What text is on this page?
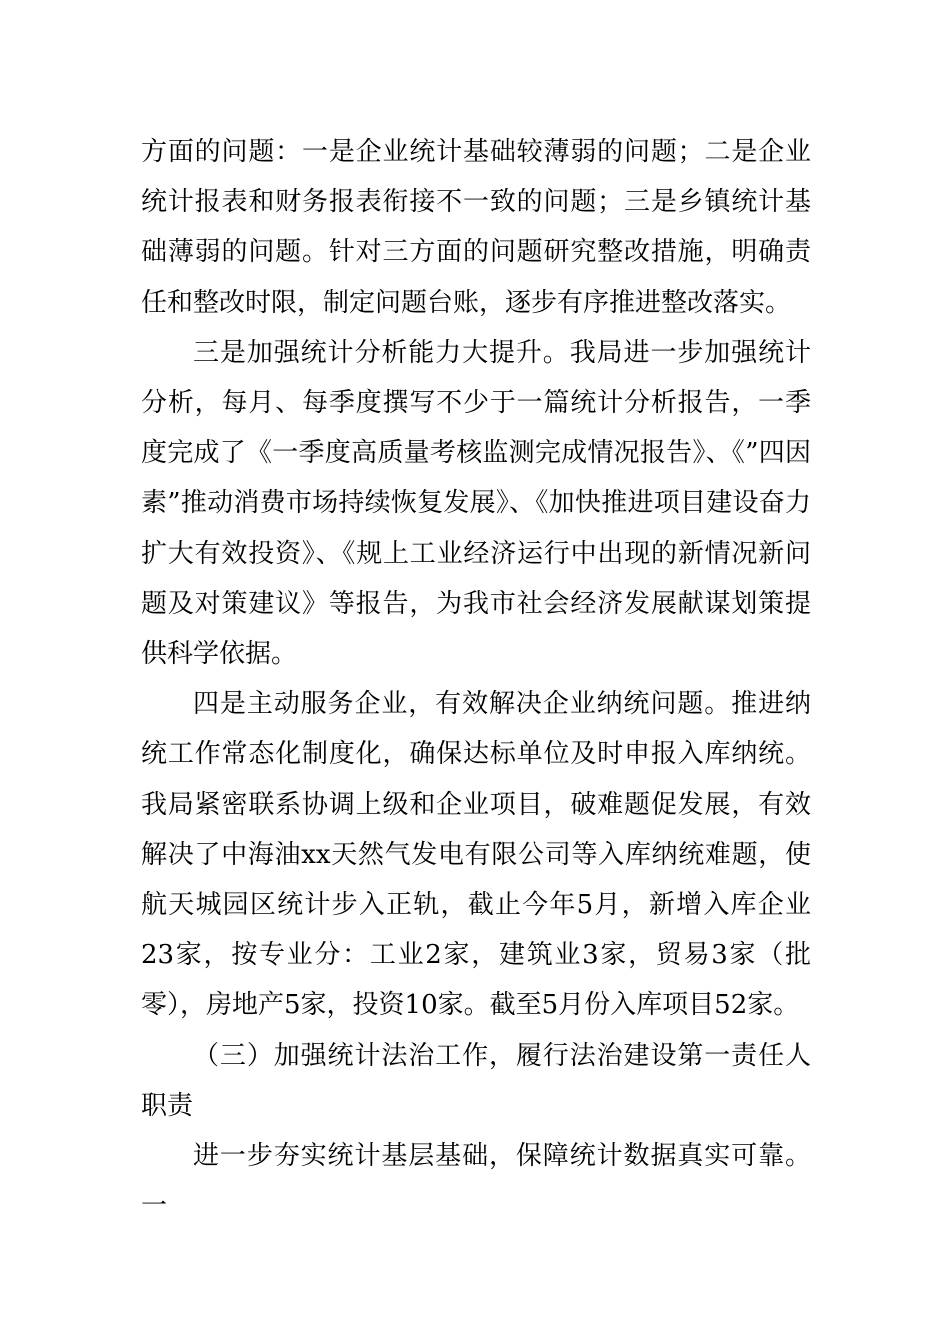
方面的问题：一是企业统计基础较薄弱的问题；二是企业统计报表和财务报表衔接不一致的问题；三是乡镇统计基础薄弱的问题。针对三方面的问题研究整改措施，明确责任和整改时限，制定问题台账，逐步有序推进整改落实。

三是加强统计分析能力大提升。我局进一步加强统计分析，每月、每季度撰写不少于一篇统计分析报告，一季度完成了《一季度高质量考核监测完成情况报告》、《”四因素”推动消费市场持续恢复发展》、《加快推进项目建设奋力扩大有效投资》、《规上工业经济运行中出现的新情况新问题及对策建议》等报告，为我市社会经济发展献谋划策提供科学依据。

四是主动服务企业，有效解决企业纳统问题。推进纳统工作常态化制度化，确保达标单位及时申报入库纳统。我局紧密联系协调上级和企业项目，破难题促发展，有效解决了中海油xx天然气发电有限公司等入库纳统难题，使航天城园区统计步入正轨，截止今年5月，新增入库企业23家，按专业分：工业2家，建筑业3家，贸易3家（批零），房地产5家，投资10家。截至5月份入库项目52家。

（三）加强统计法治工作，履行法治建设第一责任人职责

进一步夯实统计基层基础，保障统计数据真实可靠。一
